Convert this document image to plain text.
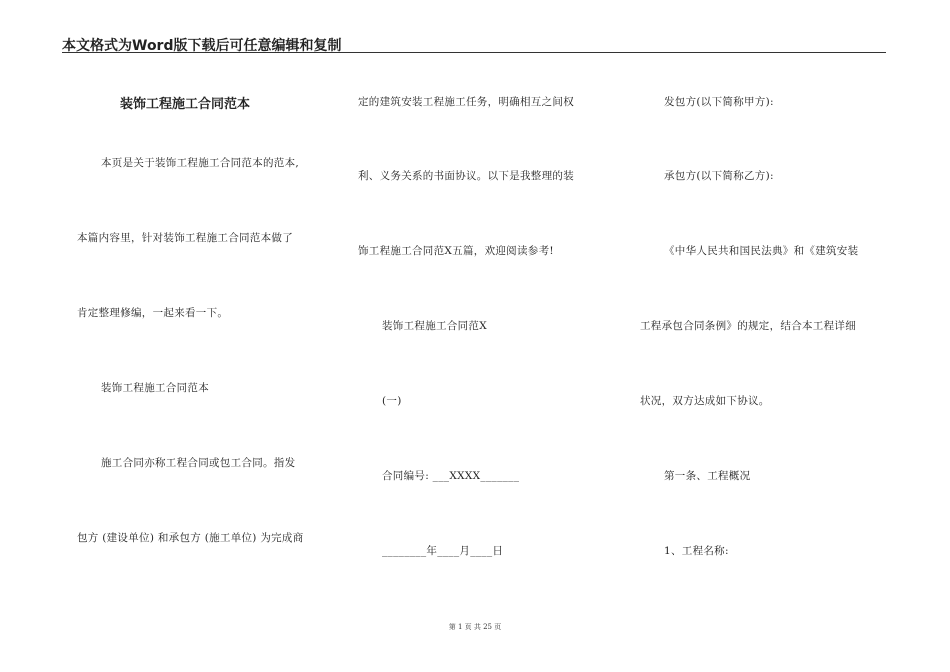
本文格式为Word版下载后可任意编辑和复制
装饰工程施工合同范本
本页是关于装饰工程施工合同范本的范本,
本篇内容里，针对装饰工程施工合同范本做了
肯定整理修编，一起来看一下。
装饰工程施工合同范本
施工合同亦称工程合同或包工合同。指发
包方 (建设单位) 和承包方 (施工单位) 为完成商
定的建筑安装工程施工任务，明确相互之间权
利、义务关系的书面协议。以下是我整理的装
饰工程施工合同范X五篇，欢迎阅读参考!
装饰工程施工合同范X
(一)
合同编号: ___XXXX_______
________年____月____日
发包方(以下简称甲方):
承包方(以下简称乙方):
《中华人民共和国民法典》和《建筑安装
工程承包合同条例》的规定，结合本工程详细
状况，双方达成如下协议。
第一条、工程概况
1、工程名称:
第 1 页 共 25 页
